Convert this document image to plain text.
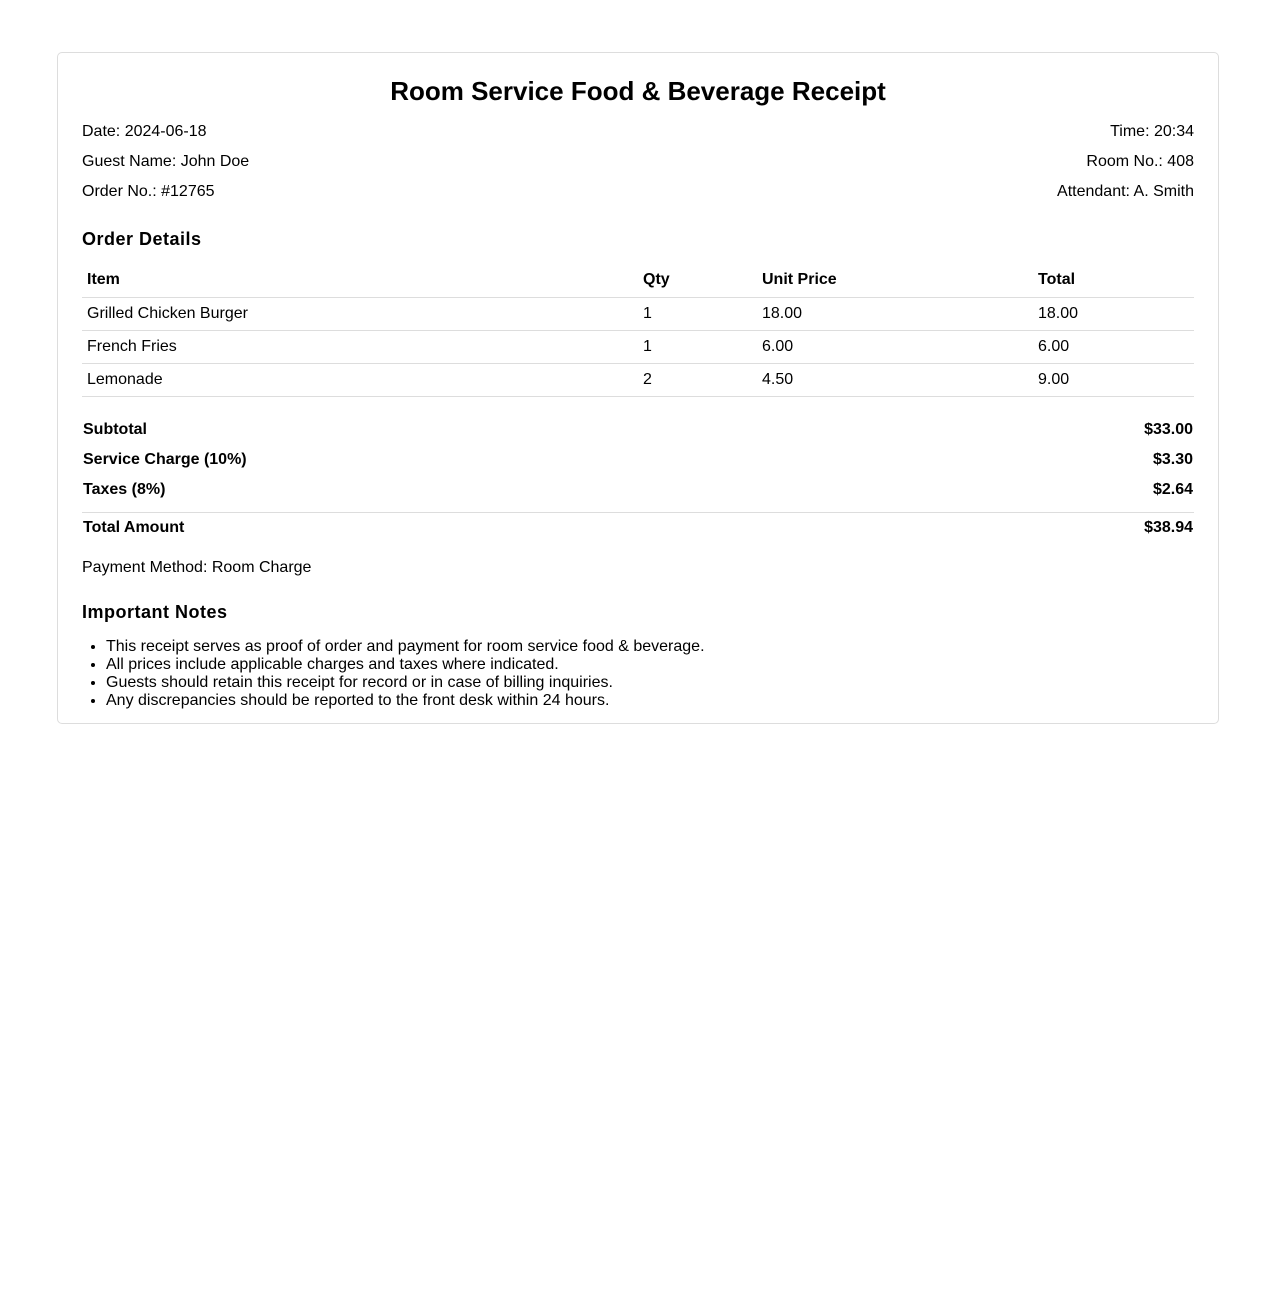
Room Service Food & Beverage Receipt
Date: 2024-06-18	Time: 20:34
Guest Name: John Doe	Room No.: 408
Order No.: #12765	Attendant: A. Smith
Order Details
Item	Qty	Unit Price	Total
Grilled Chicken Burger	1	18.00	18.00
French Fries	1	6.00	6.00
Lemonade	2	4.50	9.00
Subtotal	$33.00
Service Charge (10%)	$3.30
Taxes (8%)	$2.64
Total Amount	$38.94
Payment Method: Room Charge
Important Notes
• This receipt serves as proof of order and payment for room service food & beverage.
• All prices include applicable charges and taxes where indicated.
• Guests should retain this receipt for record or in case of billing inquiries.
• Any discrepancies should be reported to the front desk within 24 hours.
